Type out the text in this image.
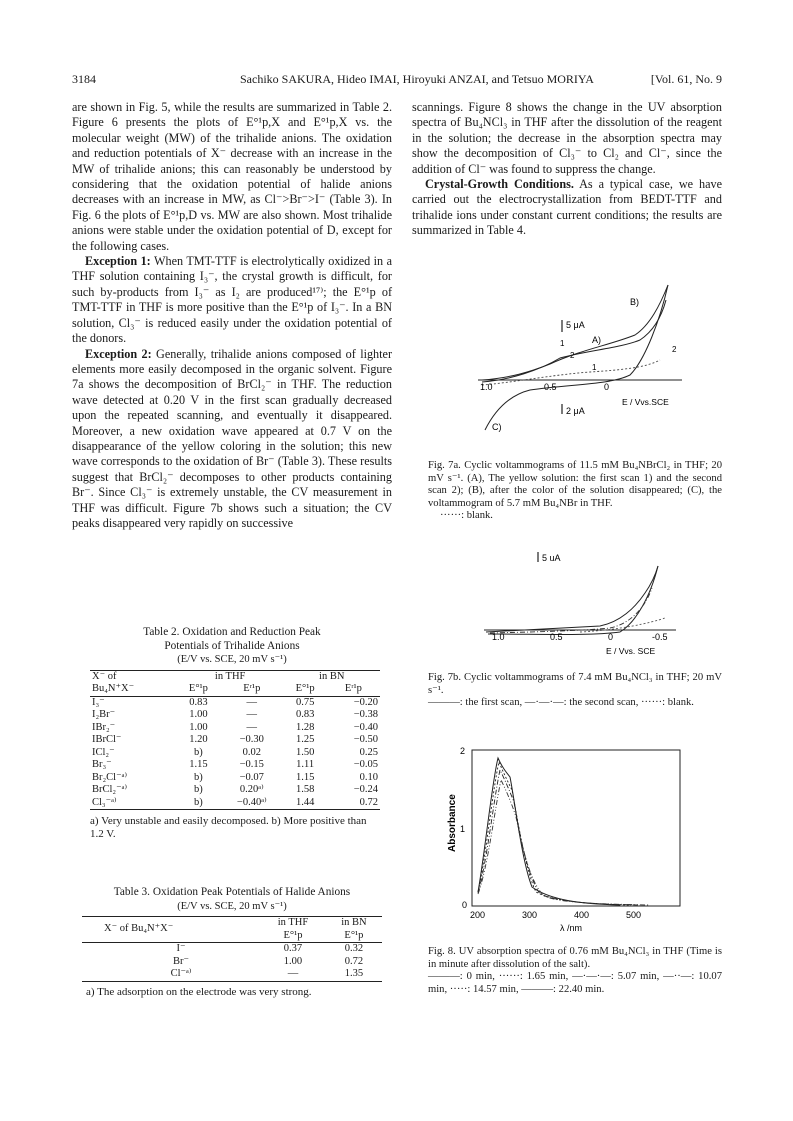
3184	Sachiko SAKURA, Hideo IMAI, Hiroyuki ANZAI, and Tetsuo MORIYA	[Vol. 61, No. 9

are shown in Fig. 5, while the results are summarized in Table 2. Figure 6 presents the plots of E°¹p,X and E°¹p,X vs. the molecular weight (MW) of the trihalide anions. The oxidation and reduction potentials of X⁻ decrease with an increase in the MW of trihalide anions; this can reasonably be understood by considering that the oxidation potential of halide anions decreases with an increase in MW, as Cl⁻>Br⁻>I⁻ (Table 3). In Fig. 6 the plots of E°¹p,D vs. MW are also shown. Most trihalide anions were stable under the oxidation potential of D, except for the following cases.

Exception 1: When TMT-TTF is electrolytically oxidized in a THF solution containing I₃⁻, the crystal growth is difficult, for such by-products from I₃⁻ as I₂ are produced¹⁷⁾; the E°¹p of TMT-TTF in THF is more positive than the E°¹p of I₃⁻. In a BN solution, Cl₃⁻ is reduced easily under the oxidation potential of the donors.

Exception 2: Generally, trihalide anions composed of lighter elements more easily decomposed in the organic solvent. Figure 7a shows the decomposition of BrCl₂⁻ in THF. The reduction wave detected at 0.20 V in the first scan gradually decreased upon the repeated scanning, and eventually it disappeared. Moreover, a new oxidation wave appeared at 0.7 V on the disappearance of the yellow coloring in the solution; this new wave corresponds to the oxidation of Br⁻ (Table 3). These results suggest that BrCl₂⁻ decomposes to other products containing Br⁻. Since Cl₃⁻ is extremely unstable, the CV measurement in THF was difficult. Figure 7b shows such a situation; the CV peaks disappeared very rapidly on successive

scannings. Figure 8 shows the change in the UV absorption spectra of Bu₄NCl₃ in THF after the dissolution of the reagent in the solution; the decrease in the absorption spectra may show the decomposition of Cl₃⁻ to Cl₂ and Cl⁻, since the addition of Cl⁻ was found to suppress the change.

Crystal-Growth Conditions. As a typical case, we have carried out the electrocrystallization from BEDT-TTF and trihalide ions under constant current conditions; the results are summarized in Table 4.

Table 2. Oxidation and Reduction Peak
Potentials of Trihalide Anions
(E/V vs. SCE, 20 mV s⁻¹)
X⁻ of	in THF		in BN	
Bu₄N⁺X⁻	E°¹p	Eʳ¹p	E°¹p	Eʳ¹p
I₃⁻	0.83	—	0.75	−0.20
I₂Br⁻	1.00	—	0.83	−0.38
IBr₂⁻	1.00	—	1.28	−0.40
IBrCl⁻	1.20	−0.30	1.25	−0.50
ICl₂⁻	b)	0.02	1.50	0.25
Br₃⁻	1.15	−0.15	1.11	−0.05
Br₂Cl⁻ᵃ⁾	b)	−0.07	1.15	0.10
BrCl₂⁻ᵃ⁾	b)	0.20ᵃ⁾	1.58	−0.24
Cl₃⁻ᵃ⁾	b)	−0.40ᵃ⁾	1.44	0.72
a) Very unstable and easily decomposed. b) More positive than 1.2 V.
Table 3. Oxidation Peak Potentials of Halide Anions
(E/V vs. SCE, 20 mV s⁻¹)
X⁻ of Bu₄N⁺X⁻	in THF	in BN
	E°¹p	E°¹p
I⁻	0.37	0.32
Br⁻	1.00	0.72
Cl⁻ᵃ⁾	—	1.35
a) The adsorption on the electrode was very strong.
5 μA
B)
A)
C)
1
2
1
2
1.0	0.5	0
E / Vvs.SCE
2 μA
Fig. 7a. Cyclic voltammograms of 11.5 mM Bu₄NBrCl₂ in THF; 20 mV s⁻¹. (A), The yellow solution: the first scan 1) and the second scan 2); (B), after the color of the solution disappeared; (C), the voltammogram of 5.7 mM Bu₄NBr in THF.
······: blank.
5 uA
1.0	0.5	0	-0.5
E / Vvs. SCE
Fig. 7b. Cyclic voltammograms of 7.4 mM Bu₄NCl₃ in THF; 20 mV s⁻¹.
———: the first scan, —·—·—: the second scan, ······: blank.
2
1
0
Absorbance
200	300	400	500
λ /nm
Fig. 8. UV absorption spectra of 0.76 mM Bu₄NCl₃ in THF (Time is in minute after dissolution of the salt).
———: 0 min, ······: 1.65 min, —·—·—: 5.07 min, —··—: 10.07 min, ·····: 14.57 min, ———: 22.40 min.
